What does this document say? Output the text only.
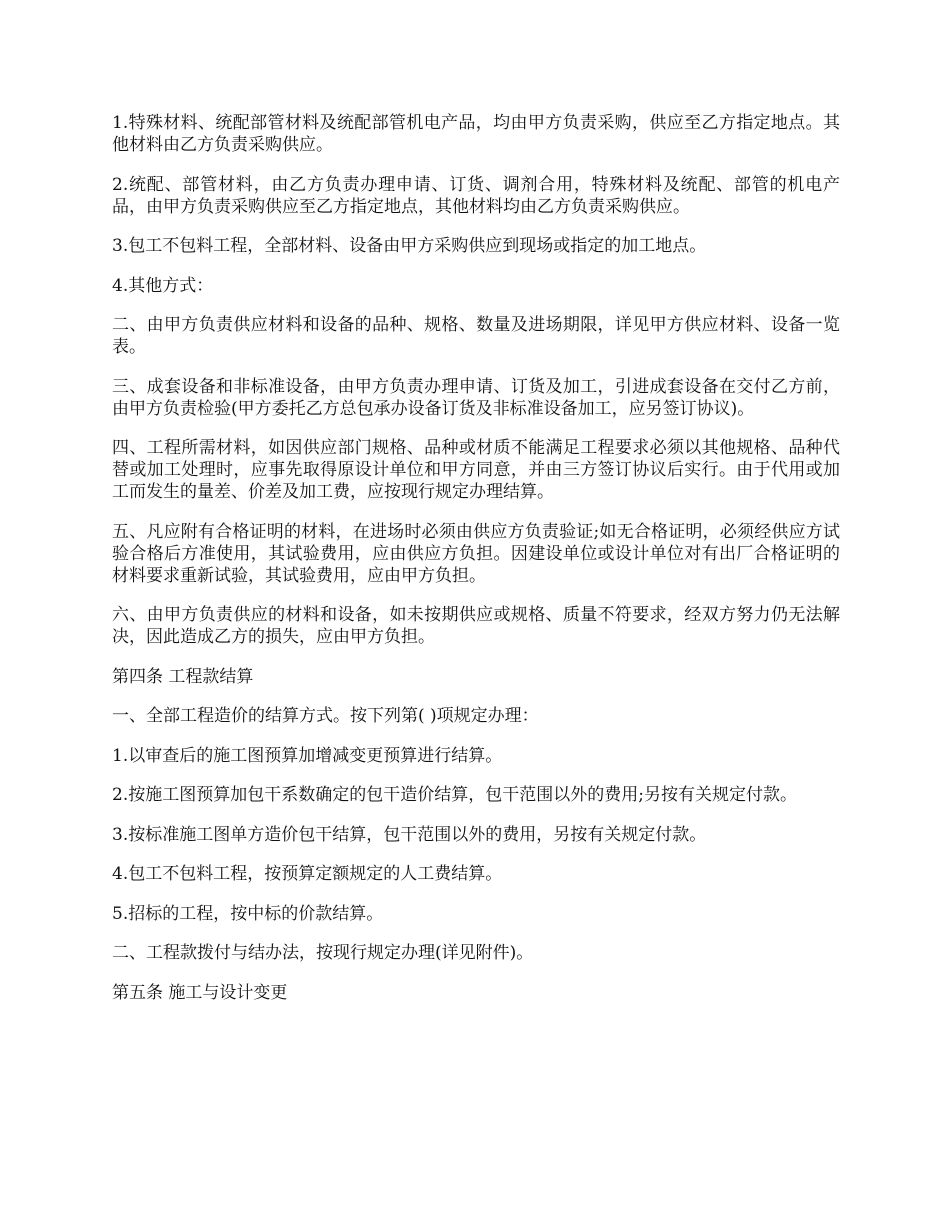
1.特殊材料、统配部管材料及统配部管机电产品，均由甲方负责采购，供应至乙方指定地点。其他材料由乙方负责采购供应。

2.统配、部管材料，由乙方负责办理申请、订货、调剂合用，特殊材料及统配、部管的机电产品，由甲方负责采购供应至乙方指定地点，其他材料均由乙方负责采购供应。

3.包工不包料工程，全部材料、设备由甲方采购供应到现场或指定的加工地点。

4.其他方式：

二、由甲方负责供应材料和设备的品种、规格、数量及进场期限，详见甲方供应材料、设备一览表。

三、成套设备和非标准设备，由甲方负责办理申请、订货及加工，引进成套设备在交付乙方前，由甲方负责检验(甲方委托乙方总包承办设备订货及非标准设备加工，应另签订协议)。

四、工程所需材料，如因供应部门规格、品种或材质不能满足工程要求必须以其他规格、品种代替或加工处理时，应事先取得原设计单位和甲方同意，并由三方签订协议后实行。由于代用或加工而发生的量差、价差及加工费，应按现行规定办理结算。

五、凡应附有合格证明的材料，在进场时必须由供应方负责验证;如无合格证明，必须经供应方试验合格后方准使用，其试验费用，应由供应方负担。因建设单位或设计单位对有出厂合格证明的材料要求重新试验，其试验费用，应由甲方负担。

六、由甲方负责供应的材料和设备，如未按期供应或规格、质量不符要求，经双方努力仍无法解决，因此造成乙方的损失，应由甲方负担。

第四条 工程款结算

一、全部工程造价的结算方式。按下列第( )项规定办理：

1.以审查后的施工图预算加增减变更预算进行结算。

2.按施工图预算加包干系数确定的包干造价结算，包干范围以外的费用;另按有关规定付款。

3.按标准施工图单方造价包干结算，包干范围以外的费用，另按有关规定付款。

4.包工不包料工程，按预算定额规定的人工费结算。

5.招标的工程，按中标的价款结算。

二、工程款拨付与结办法，按现行规定办理(详见附件)。

第五条 施工与设计变更
